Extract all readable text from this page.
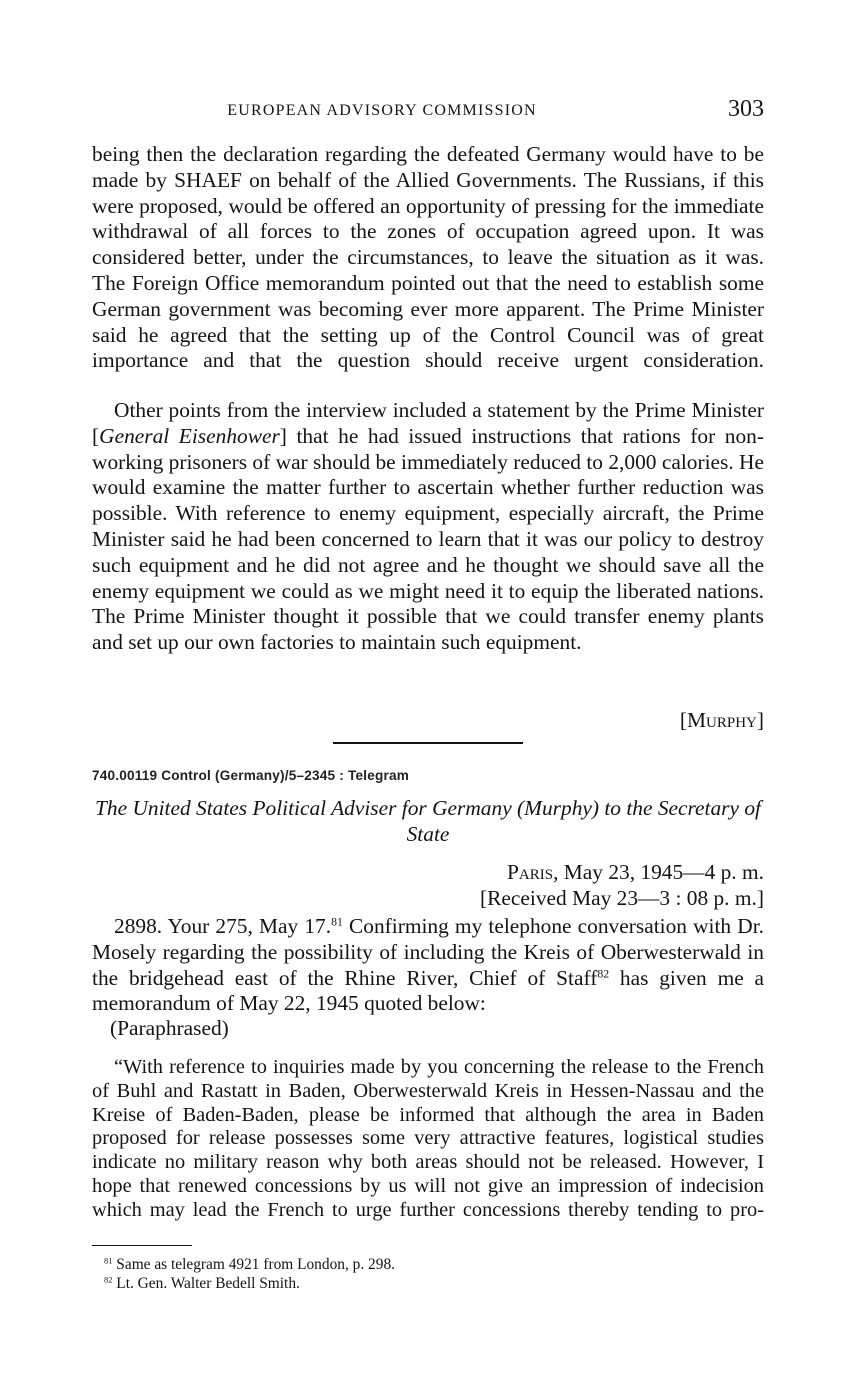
EUROPEAN ADVISORY COMMISSION	303

being then the declaration regarding the defeated Germany would have to be made by SHAEF on behalf of the Allied Governments. The Russians, if this were proposed, would be offered an opportunity of pressing for the immediate withdrawal of all forces to the zones of occupation agreed upon. It was considered better, under the circumstances, to leave the situation as it was. The Foreign Office memorandum pointed out that the need to establish some German government was becoming ever more apparent. The Prime Minister said he agreed that the setting up of the Control Council was of great importance and that the question should receive urgent consideration.

Other points from the interview included a statement by the Prime Minister [General Eisenhower] that he had issued instructions that rations for non-working prisoners of war should be immediately reduced to 2,000 calories. He would examine the matter further to ascertain whether further reduction was possible. With reference to enemy equipment, especially aircraft, the Prime Minister said he had been concerned to learn that it was our policy to destroy such equipment and he did not agree and he thought we should save all the enemy equipment we could as we might need it to equip the liberated nations. The Prime Minister thought it possible that we could transfer enemy plants and set up our own factories to maintain such equipment.

[Murphy]
740.00119 Control (Germany)/5–2345 : Telegram

The United States Political Adviser for Germany (Murphy) to the Secretary of State

Paris, May 23, 1945—4 p. m.
[Received May 23—3 : 08 p. m.]

2898. Your 275, May 17.81 Confirming my telephone conversation with Dr. Mosely regarding the possibility of including the Kreis of Oberwesterwald in the bridgehead east of the Rhine River, Chief of Staff$^{82}$ has given me a memorandum of May 22, 1945 quoted below:

(Paraphrased)

“With reference to inquiries made by you concerning the release to the French of Buhl and Rastatt in Baden, Oberwesterwald Kreis in Hessen-Nassau and the Kreise of Baden-Baden, please be informed that although the area in Baden proposed for release possesses some very attractive features, logistical studies indicate no military reason why both areas should not be released. However, I hope that renewed concessions by us will not give an impression of indecision which may lead the French to urge further concessions thereby tending to pro-

$^{81}$ Same as telegram 4921 from London, p. 298.
$^{82}$ Lt. Gen. Walter Bedell Smith.
